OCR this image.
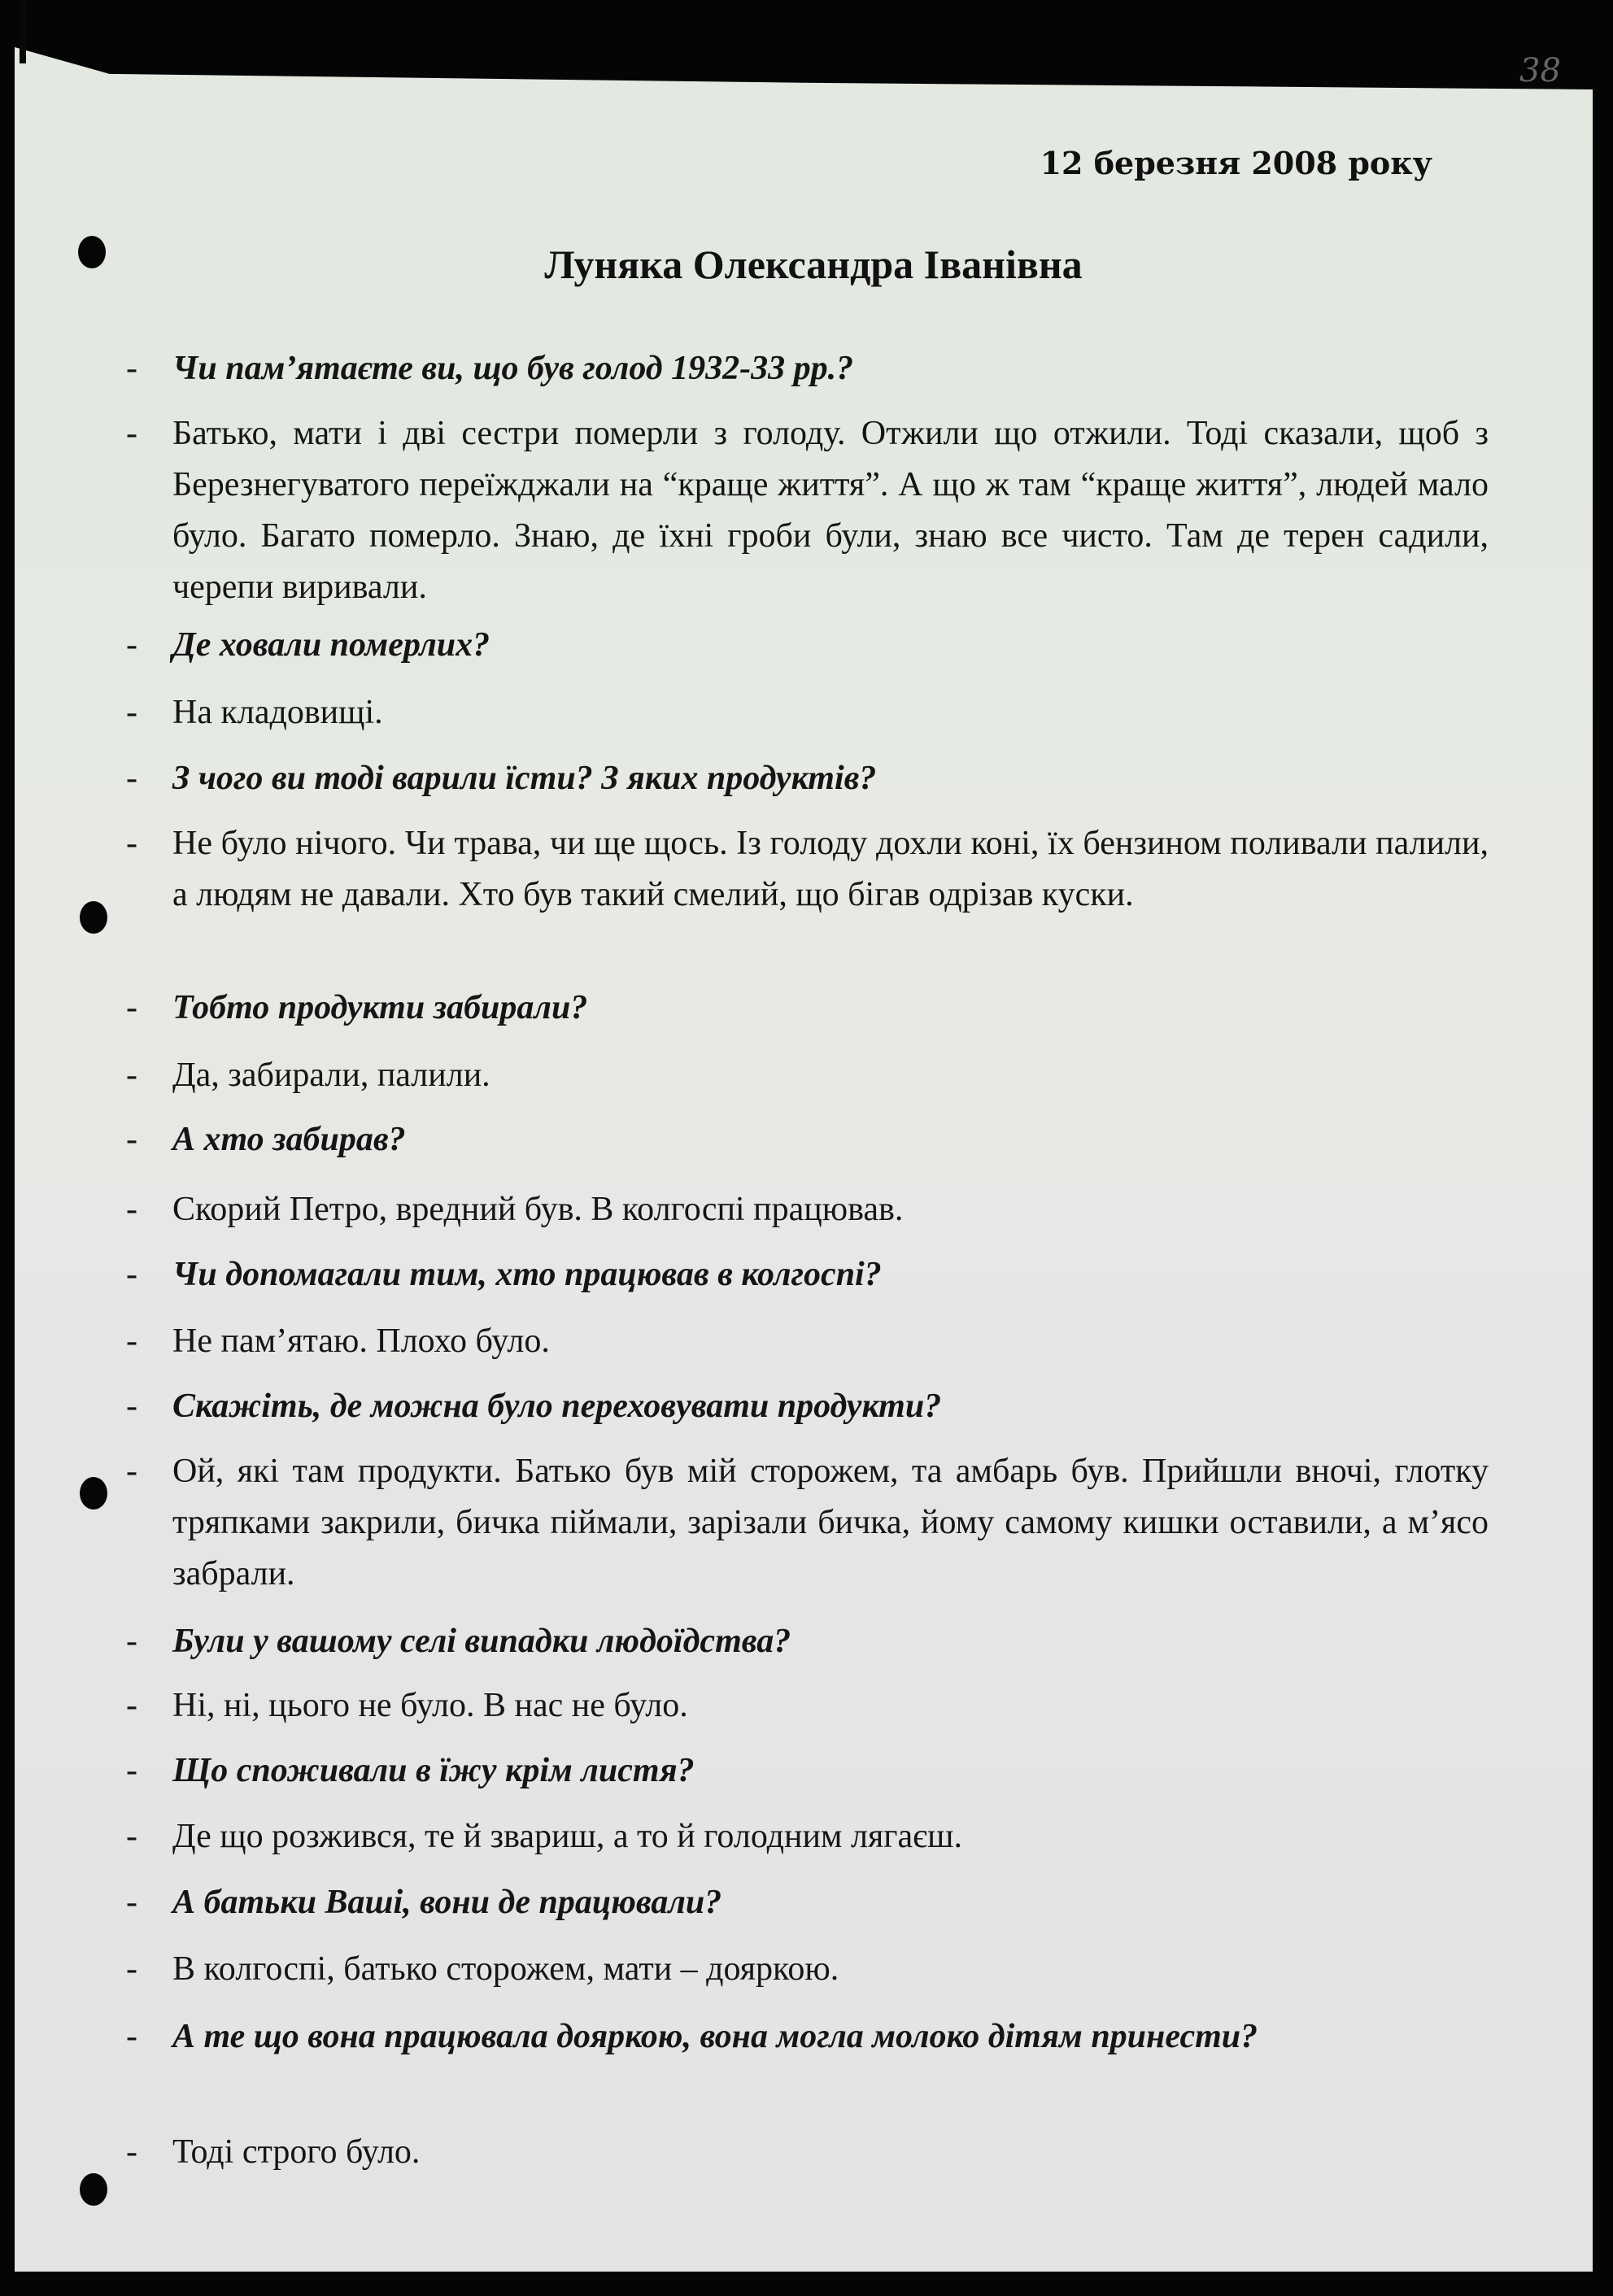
38
12 березня 2008 року
Луняка Олександра Іванівна
-	Чи пам’ятаєте ви, що був голод 1932-33 рр.?
-	Батько, мати і дві сестри померли з голоду. Отжили що отжили. Тоді сказали, щоб з Березнегуватого переїжджали на “краще життя”. А що ж там “краще життя”, людей мало було. Багато померло. Знаю, де їхні гроби були, знаю все чисто. Там де терен садили, черепи виривали.
-	Де ховали померлих?
-	На кладовищі.
-	З чого ви тоді варили їсти? З яких продуктів?
-	Не було нічого. Чи трава, чи ще щось. Із голоду дохли коні, їх бензином поливали палили, а людям не давали. Хто був такий смелий, що бігав одрізав куски.
-	Тобто продукти забирали?
-	Да, забирали, палили.
-	А хто забирав?
-	Скорий Петро, вредний був. В колгоспі працював.
-	Чи допомагали тим, хто працював в колгоспі?
-	Не пам’ятаю. Плохо було.
-	Скажіть, де можна було переховувати продукти?
-	Ой, які там продукти. Батько був мій сторожем, та амбарь був. Прийшли вночі, глотку тряпками закрили, бичка піймали, зарізали бичка, йому самому кишки оставили, а м’ясо забрали.
-	Були у вашому селі випадки людоїдства?
-	Ні, ні, цього не було. В нас не було.
-	Що споживали в їжу крім листя?
-	Де що розжився, те й звариш, а то й голодним лягаєш.
-	А батьки Ваші, вони де працювали?
-	В колгоспі, батько сторожем, мати – дояркою.
-	А те що вона працювала дояркою, вона могла молоко дітям принести?
-	Тоді строго було.
